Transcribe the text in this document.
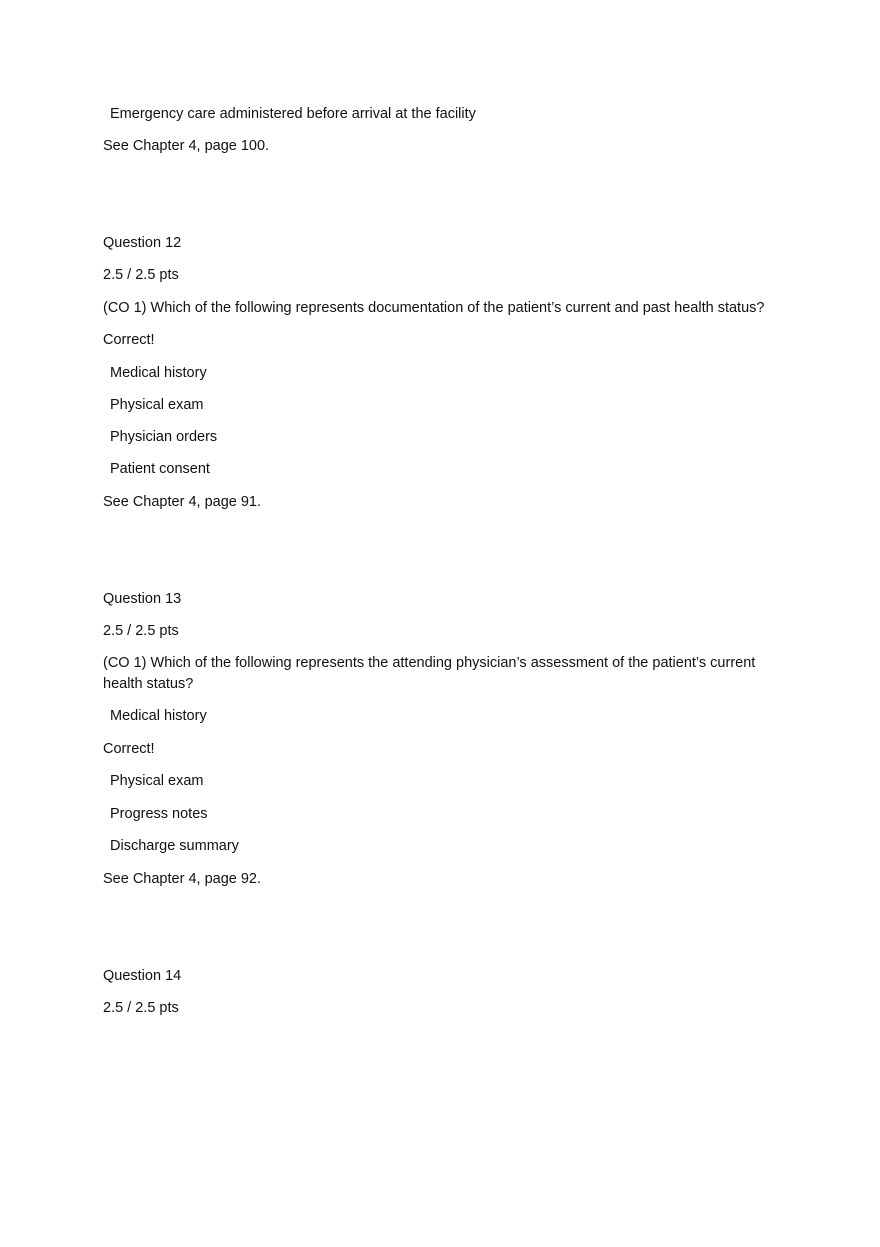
Emergency care administered before arrival at the facility
See Chapter 4, page 100.
Question 12
2.5 / 2.5 pts
(CO 1) Which of the following represents documentation of the patient’s current and past health status?
Correct!
Medical history
Physical exam
Physician orders
Patient consent
See Chapter 4, page 91.
Question 13
2.5 / 2.5 pts
(CO 1) Which of the following represents the attending physician’s assessment of the patient’s current health status?
Medical history
Correct!
Physical exam
Progress notes
Discharge summary
See Chapter 4, page 92.
Question 14
2.5 / 2.5 pts
